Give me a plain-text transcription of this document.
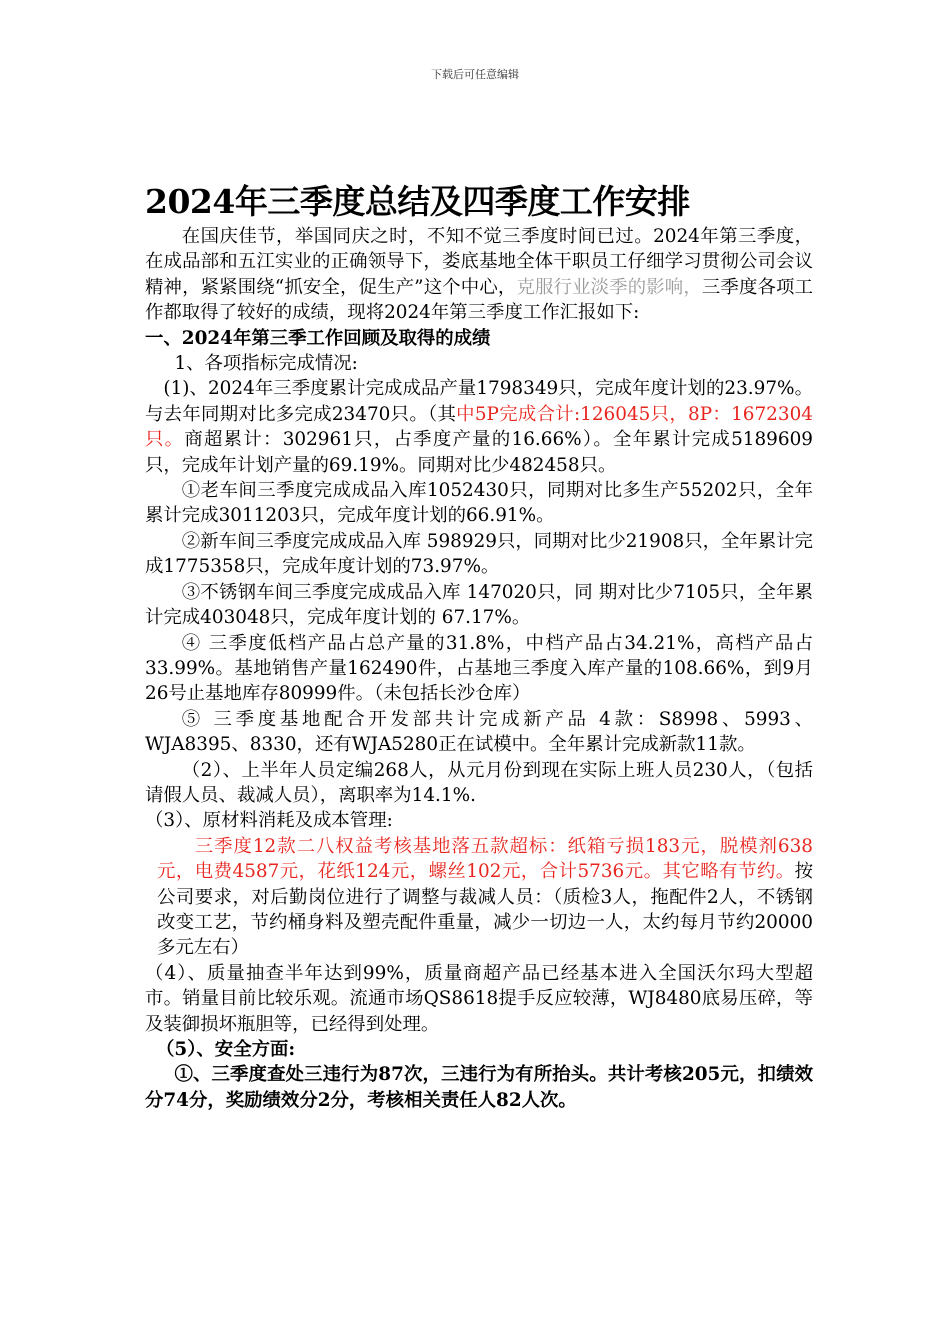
下载后可任意编辑
2024年三季度总结及四季度工作安排

在国庆佳节，举国同庆之时，不知不觉三季度时间已过。2024年第三季度，在成品部和五江实业的正确领导下，娄底基地全体干职员工仔细学习贯彻公司会议精神，紧紧围绕“抓安全，促生产”这个中心，克服行业淡季的影响，三季度各项工作都取得了较好的成绩，现将2024年第三季度工作汇报如下:

一、2024年第三季工作回顾及取得的成绩

1、各项指标完成情况:

(1)、2024年三季度累计完成成品产量1798349只，完成年度计划的23.97%。与去年同期对比多完成23470只。（其中5P完成合计:126045只，8P：1672304只。商超累计：302961只，占季度产量的16.66%）。全年累计完成5189609只，完成年计划产量的69.19%。同期对比少482458只。

①老车间三季度完成成品入库1052430只，同期对比多生产55202只，全年累计完成3011203只，完成年度计划的66.91%。

②新车间三季度完成成品入库 598929只，同期对比少21908只，全年累计完成1775358只，完成年度计划的73.97%。

③不锈钢车间三季度完成成品入库 147020只，同 期对比少7105只，全年累计完成403048只，完成年度计划的 67.17%。

④ 三季度低档产品占总产量的31.8%，中档产品占34.21%，高档产品占33.99%。基地销售产量162490件，占基地三季度入库产量的108.66%，到9月26号止基地库存80999件。（未包括长沙仓库）

⑤ 三季度基地配合开发部共计完成新产品 4款：S8998、5993、WJA8395、8330，还有WJA5280正在试模中。全年累计完成新款11款。

（2）、上半年人员定编268人，从元月份到现在实际上班人员230人，（包括请假人员、裁减人员），离职率为14.1%.

（3）、原材料消耗及成本管理:

三季度12款二八权益考核基地落五款超标：纸箱亏损183元，脱模剂638元，电费4587元，花纸124元，螺丝102元，合计5736元。其它略有节约。按公司要求，对后勤岗位进行了调整与裁减人员：（质检3人，拖配件2人，不锈钢改变工艺，节约桶身料及塑壳配件重量，减少一切边一人，太约每月节约20000多元左右）

（4）、质量抽查半年达到99%，质量商超产品已经基本进入全国沃尔玛大型超市。销量目前比较乐观。流通市场QS8618提手反应较薄，WJ8480底易压碎，等及装御损坏瓶胆等，已经得到处理。

（5）、安全方面:

①、三季度查处三违行为87次，三违行为有所抬头。共计考核205元，扣绩效分74分，奖励绩效分2分，考核相关责任人82人次。
